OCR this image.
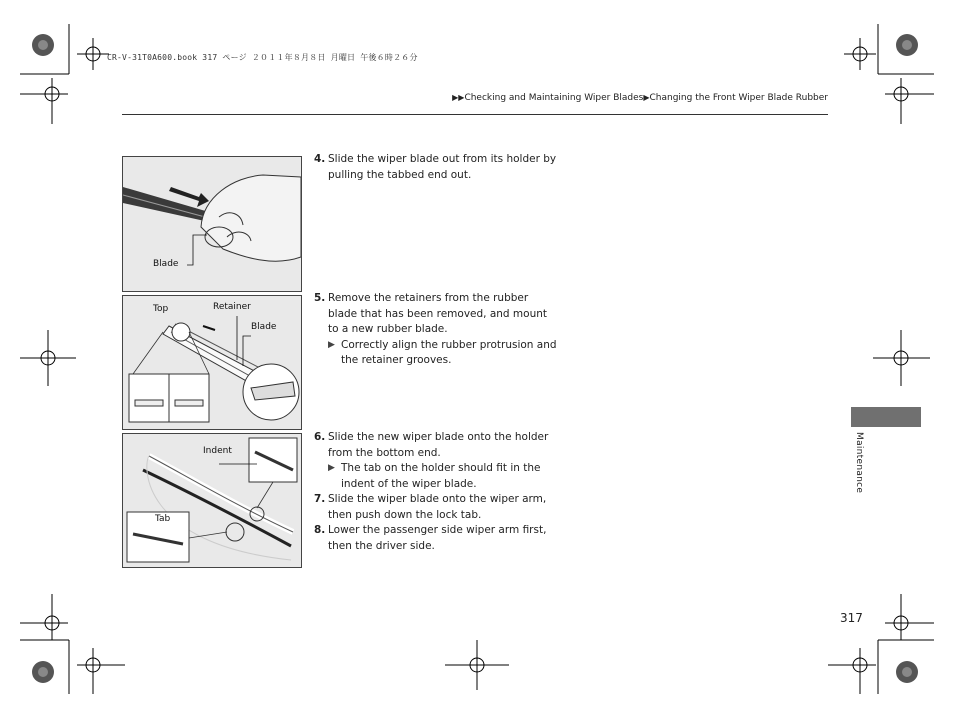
CR-V-31T0A600.book 317 ページ ２０１１年８月８日 月曜日 午後６時２６分
▶▶Checking and Maintaining Wiper Blades▶Changing the Front Wiper Blade Rubber
Blade
Top	Retainer
Blade
Indent
Tab
4. Slide the wiper blade out from its holder by pulling the tabbed end out.
5. Remove the retainers from the rubber blade that has been removed, and mount to a new rubber blade.
▶ Correctly align the rubber protrusion and the retainer grooves.
6. Slide the new wiper blade onto the holder from the bottom end.
▶ The tab on the holder should fit in the indent of the wiper blade.
7. Slide the wiper blade onto the wiper arm, then push down the lock tab.
8. Lower the passenger side wiper arm first, then the driver side.
Maintenance
317
